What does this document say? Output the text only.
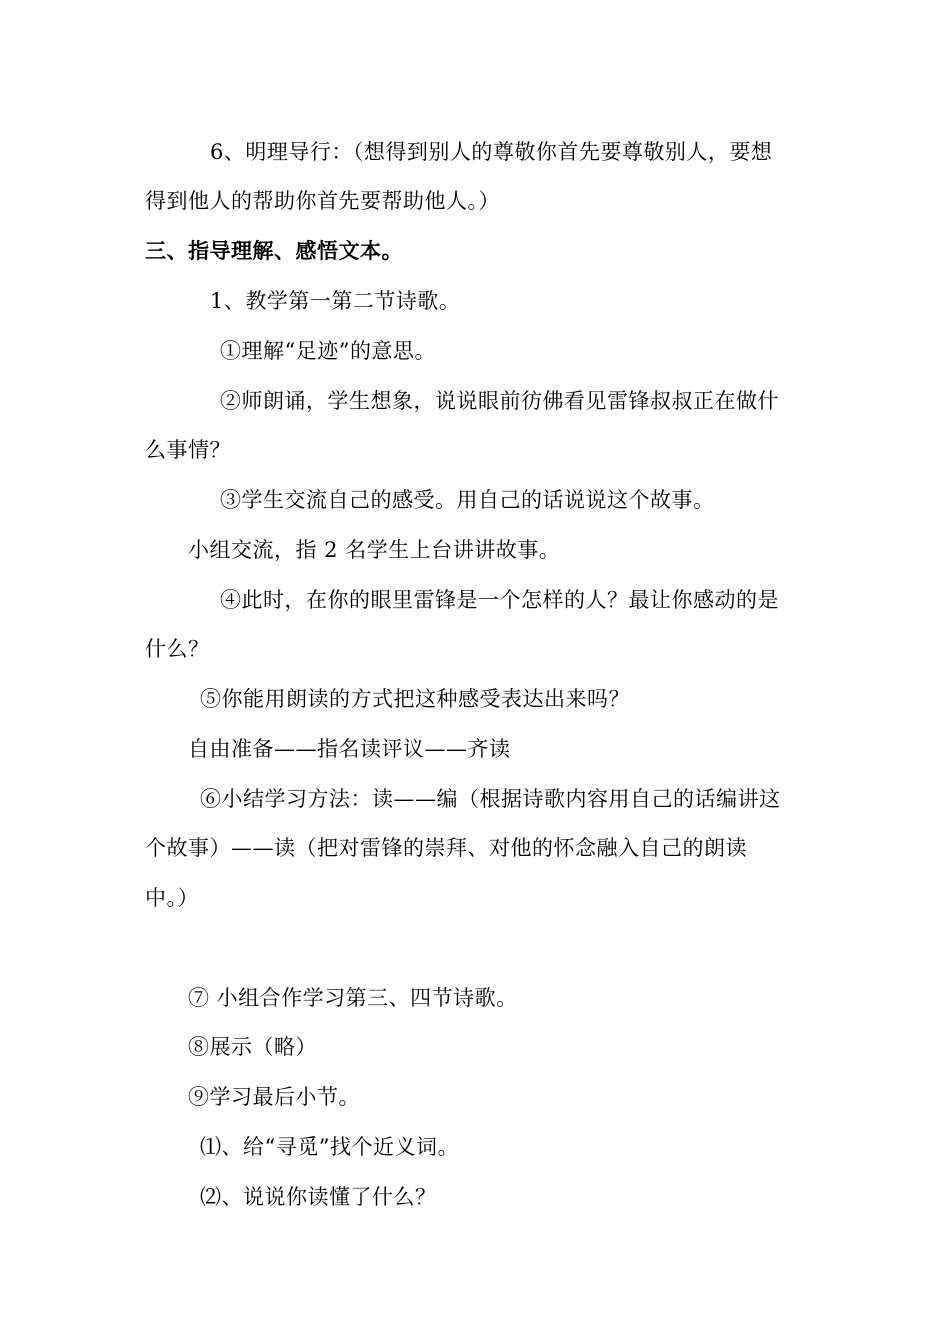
6、明理导行：（想得到别人的尊敬你首先要尊敬别人，要想
得到他人的帮助你首先要帮助他人。）
三、指导理解、感悟文本。
1、教学第一第二节诗歌。
①理解“足迹”的意思。
②师朗诵，学生想象，说说眼前彷佛看见雷锋叔叔正在做什
么事情？
③学生交流自己的感受。用自己的话说说这个故事。
小组交流，指 2 名学生上台讲讲故事。
④此时，在你的眼里雷锋是一个怎样的人？最让你感动的是
什么？
⑤你能用朗读的方式把这种感受表达出来吗？
自由准备——指名读评议——齐读
⑥小结学习方法：读——编（根据诗歌内容用自己的话编讲这
个故事）——读（把对雷锋的崇拜、对他的怀念融入自己的朗读
中。）
⑦ 小组合作学习第三、四节诗歌。
⑧展示（略）
⑨学习最后小节。
⑴、给“寻觅”找个近义词。
⑵、说说你读懂了什么？
